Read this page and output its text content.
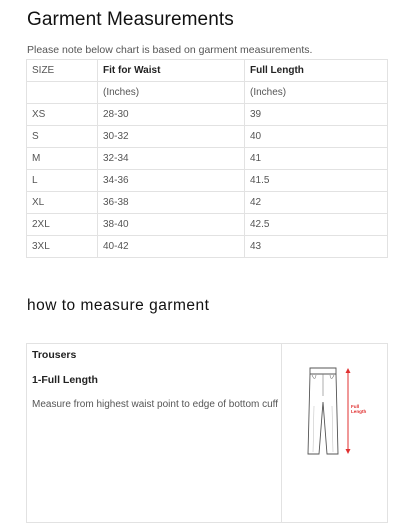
Garment Measurements

Please note below chart is based on garment measurements.

SIZE	Fit for Waist	Full Length
	(Inches)	(Inches)
XS	28-30	39
S	30-32	40
M	32-34	41
L	34-36	41.5
XL	36-38	42
2XL	38-40	42.5
3XL	40-42	43
how to measure garment
Trousers
1-Full Length
Measure from highest waist point to edge of bottom cuff	Full
Length
